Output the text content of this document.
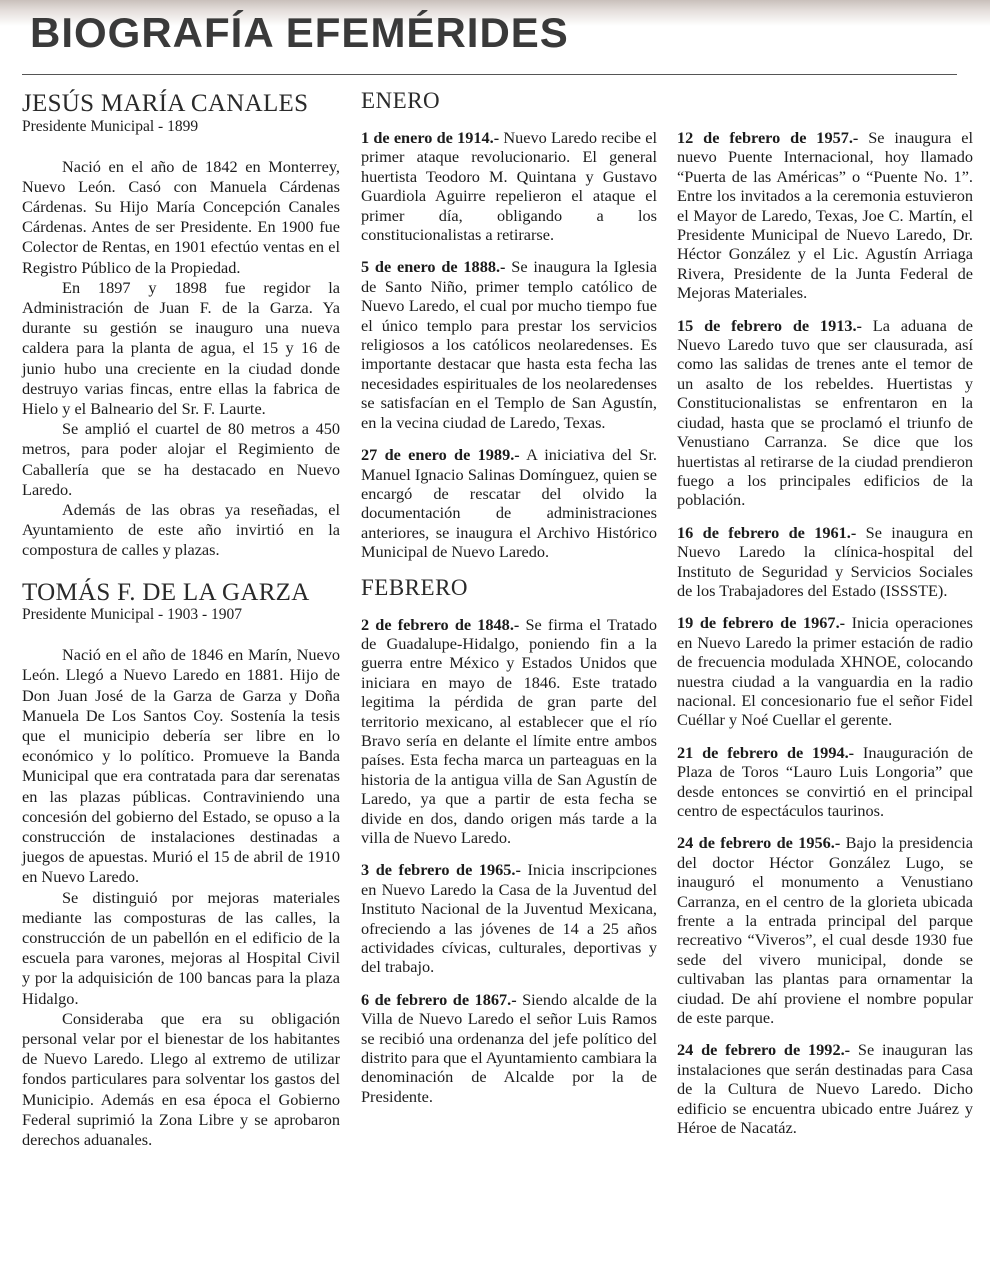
BIOGRAFÍA EFEMÉRIDES
JESÚS MARÍA CANALES
Presidente Municipal - 1899

Nació en el año de 1842 en Monterrey, Nuevo León. Casó con Manuela Cárdenas Cárdenas. Su Hijo María Concepción Canales Cárdenas. Antes de ser Presidente. En 1900 fue Colector de Rentas, en 1901 efectúo ventas en el Registro Público de la Propiedad.

En 1897 y 1898 fue regidor la Administración de Juan F. de la Garza. Ya durante su gestión se inauguro una nueva caldera para la planta de agua, el 15 y 16 de junio hubo una creciente en la ciudad donde destruyo varias fincas, entre ellas la fabrica de Hielo y el Balneario del Sr. F. Laurte.

Se amplió el cuartel de 80 metros a 450 metros, para poder alojar el Regimiento de Caballería que se ha destacado en Nuevo Laredo.

Además de las obras ya reseñadas, el Ayuntamiento de este año invirtió en la compostura de calles y plazas.

TOMÁS F. DE LA GARZA
Presidente Municipal - 1903 - 1907

Nació en el año de 1846 en Marín, Nuevo León. Llegó a Nuevo Laredo en 1881. Hijo de Don Juan José de la Garza de Garza y Doña Manuela De Los Santos Coy. Sostenía la tesis que el municipio debería ser libre en lo económico y lo político. Promueve la Banda Municipal que era contratada para dar serenatas en las plazas públicas. Contraviniendo una concesión del gobierno del Estado, se opuso a la construcción de instalaciones destinadas a juegos de apuestas. Murió el 15 de abril de 1910 en Nuevo Laredo.

Se distinguió por mejoras materiales mediante las composturas de las calles, la construcción de un pabellón en el edificio de la escuela para varones, mejoras al Hospital Civil y por la adquisición de 100 bancas para la plaza Hidalgo.

Consideraba que era su obligación personal velar por el bienestar de los habitantes de Nuevo Laredo. Llego al extremo de utilizar fondos particulares para solventar los gastos del Municipio. Además en esa época el Gobierno Federal suprimió la Zona Libre y se aprobaron derechos aduanales.

ENERO

1 de enero de 1914.- Nuevo Laredo recibe el primer ataque revolucionario. El general huertista Teodoro M. Quintana y Gustavo Guardiola Aguirre repelieron el ataque el primer día, obligando a los constitucionalistas a retirarse.

5 de enero de 1888.- Se inaugura la Iglesia de Santo Niño, primer templo católico de Nuevo Laredo, el cual por mucho tiempo fue el único templo para prestar los servicios religiosos a los católicos neolaredenses. Es importante destacar que hasta esta fecha las necesidades espirituales de los neolaredenses se satisfacían en el Templo de San Agustín, en la vecina ciudad de Laredo, Texas.

27 de enero de 1989.- A iniciativa del Sr. Manuel Ignacio Salinas Domínguez, quien se encargó de rescatar del olvido la documentación de administraciones anteriores, se inaugura el Archivo Histórico Municipal de Nuevo Laredo.

FEBRERO

2 de febrero de 1848.- Se firma el Tratado de Guadalupe-Hidalgo, poniendo fin a la guerra entre México y Estados Unidos que iniciara en mayo de 1846. Este tratado legitima la pérdida de gran parte del territorio mexicano, al establecer que el río Bravo sería en delante el límite entre ambos países. Esta fecha marca un parteaguas en la historia de la antigua villa de San Agustín de Laredo, ya que a partir de esta fecha se divide en dos, dando origen más tarde a la villa de Nuevo Laredo.

3 de febrero de 1965.- Inicia inscripciones en Nuevo Laredo la Casa de la Juventud del Instituto Nacional de la Juventud Mexicana, ofreciendo a las jóvenes de 14 a 25 años actividades cívicas, culturales, deportivas y del trabajo.

6 de febrero de 1867.- Siendo alcalde de la Villa de Nuevo Laredo el señor Luis Ramos se recibió una ordenanza del jefe político del distrito para que el Ayuntamiento cambiara la denominación de Alcalde por la de Presidente.

12 de febrero de 1957.- Se inaugura el nuevo Puente Internacional, hoy llamado “Puerta de las Américas” o “Puente No. 1”. Entre los invitados a la ceremonia estuvieron el Mayor de Laredo, Texas, Joe C. Martín, el Presidente Municipal de Nuevo Laredo, Dr. Héctor González y el Lic. Agustín Arriaga Rivera, Presidente de la Junta Federal de Mejoras Materiales.

15 de febrero de 1913.- La aduana de Nuevo Laredo tuvo que ser clausurada, así como las salidas de trenes ante el temor de un asalto de los rebeldes. Huertistas y Constitucionalistas se enfrentaron en la ciudad, hasta que se proclamó el triunfo de Venustiano Carranza. Se dice que los huertistas al retirarse de la ciudad prendieron fuego a los principales edificios de la población.

16 de febrero de 1961.- Se inaugura en Nuevo Laredo la clínica-hospital del Instituto de Seguridad y Servicios Sociales de los Trabajadores del Estado (ISSSTE).

19 de febrero de 1967.- Inicia operaciones en Nuevo Laredo la primer estación de radio de frecuencia modulada XHNOE, colocando nuestra ciudad a la vanguardia en la radio nacional. El concesionario fue el señor Fidel Cuéllar y Noé Cuellar el gerente.

21 de febrero de 1994.- Inauguración de Plaza de Toros “Lauro Luis Longoria” que desde entonces se convirtió en el principal centro de espectáculos taurinos.

24 de febrero de 1956.- Bajo la presidencia del doctor Héctor González Lugo, se inauguró el monumento a Venustiano Carranza, en el centro de la glorieta ubicada frente a la entrada principal del parque recreativo “Viveros”, el cual desde 1930 fue sede del vivero municipal, donde se cultivaban las plantas para ornamentar la ciudad. De ahí proviene el nombre popular de este parque.

24 de febrero de 1992.- Se inauguran las instalaciones que serán destinadas para Casa de la Cultura de Nuevo Laredo. Dicho edificio se encuentra ubicado entre Juárez y Héroe de Nacatáz.
